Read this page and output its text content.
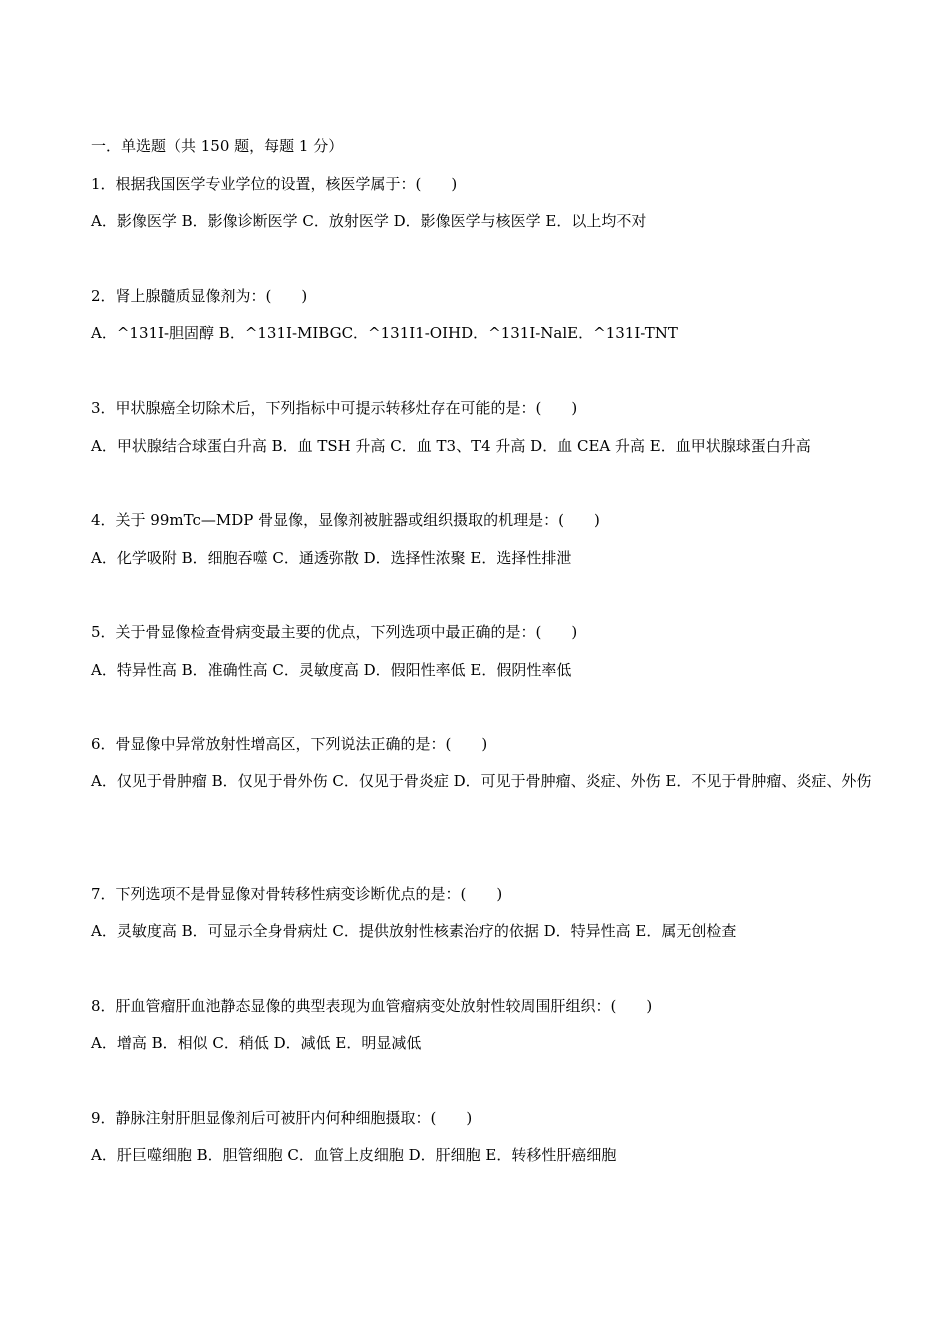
一．单选题（共 150 题，每题 1 分）
1．根据我国医学专业学位的设置，核医学属于：(　　)
A．影像医学 B．影像诊断医学 C．放射医学 D．影像医学与核医学 E．以上均不对
2．肾上腺髓质显像剂为：(　　)
A．^131I-胆固醇 B．^131I-MIBGC．^131I1-OIHD．^131I-NalE．^131I-TNT
3．甲状腺癌全切除术后，下列指标中可提示转移灶存在可能的是：(　　)
A．甲状腺结合球蛋白升高 B．血 TSH 升高 C．血 T3、T4 升高 D．血 CEA 升高 E．血甲状腺球蛋白升高
4．关于 99mTc—MDP 骨显像，显像剂被脏器或组织摄取的机理是：(　　)
A．化学吸附 B．细胞吞噬 C．通透弥散 D．选择性浓聚 E．选择性排泄
5．关于骨显像检查骨病变最主要的优点，下列选项中最正确的是：(　　)
A．特异性高 B．准确性高 C．灵敏度高 D．假阳性率低 E．假阴性率低
6．骨显像中异常放射性增高区，下列说法正确的是：(　　)
A．仅见于骨肿瘤 B．仅见于骨外伤 C．仅见于骨炎症 D．可见于骨肿瘤、炎症、外伤 E．不见于骨肿瘤、炎症、外伤
7．下列选项不是骨显像对骨转移性病变诊断优点的是：(　　)
A．灵敏度高 B．可显示全身骨病灶 C．提供放射性核素治疗的依据 D．特异性高 E．属无创检查
8．肝血管瘤肝血池静态显像的典型表现为血管瘤病变处放射性较周围肝组织：(　　)
A．增高 B．相似 C．稍低 D．减低 E．明显减低
9．静脉注射肝胆显像剂后可被肝内何种细胞摄取：(　　)
A．肝巨噬细胞 B．胆管细胞 C．血管上皮细胞 D．肝细胞 E．转移性肝癌细胞
